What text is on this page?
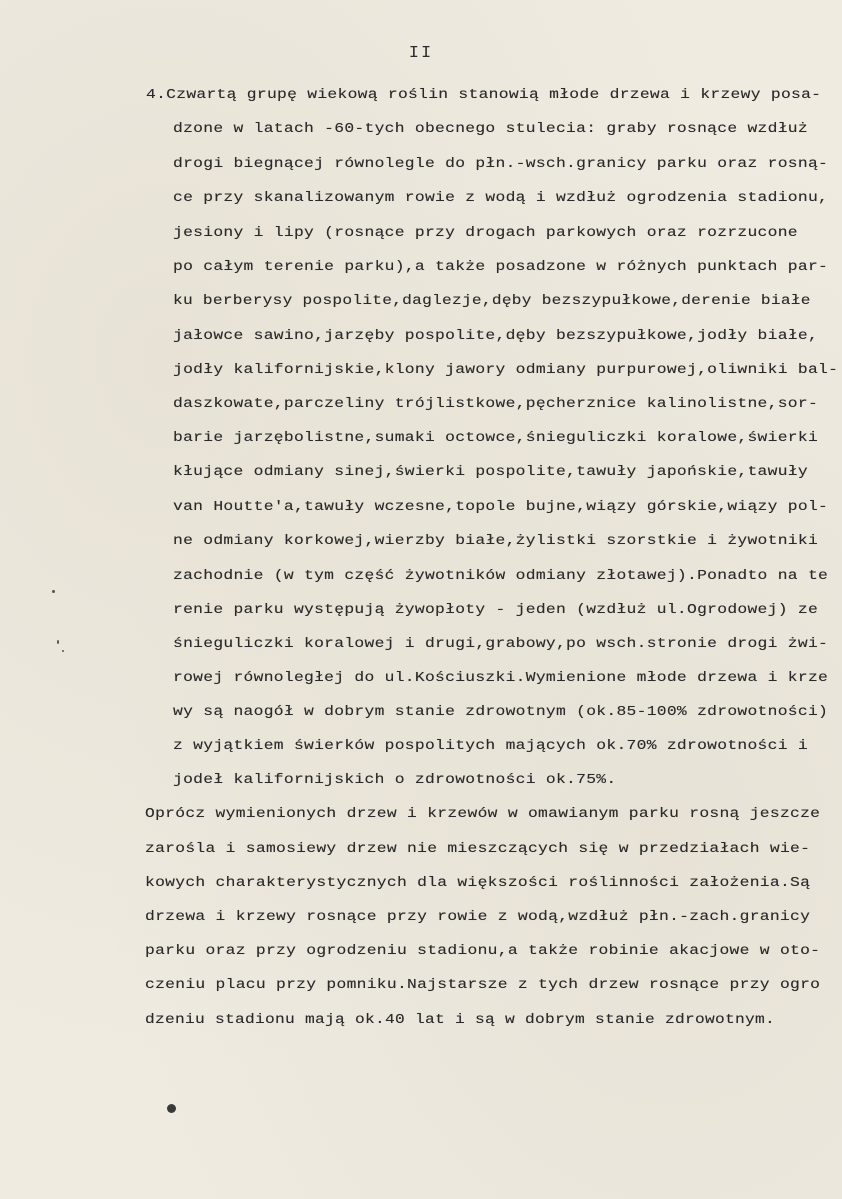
II
4.Czwartą grupę wiekową roślin stanowią młode drzewa i krzewy posa-
dzone w latach -60-tych obecnego stulecia: graby rosnące wzdłuż
drogi biegnącej równolegle do płn.-wsch.granicy parku oraz rosną-
ce przy skanalizowanym rowie z wodą i wzdłuż ogrodzenia stadionu,
jesiony i lipy (rosnące przy drogach parkowych oraz rozrzucone
po całym terenie parku),a także posadzone w różnych punktach par-
ku berberysy pospolite,daglezje,dęby bezszypułkowe,derenie białe
jałowce sawino,jarzęby pospolite,dęby bezszypułkowe,jodły białe,
jodły kalifornijskie,klony jawory odmiany purpurowej,oliwniki bal-
daszkowate,parczeliny trójlistkowe,pęcherznice kalinolistne,sor-
barie jarzębolistne,sumaki octowce,śnieguliczki koralowe,świerki
kłujące odmiany sinej,świerki pospolite,tawuły japońskie,tawuły
van Houtte'a,tawuły wczesne,topole bujne,wiązy górskie,wiązy pol-
ne odmiany korkowej,wierzby białe,żylistki szorstkie i żywotniki
zachodnie (w tym część żywotników odmiany złotawej).Ponadto na te
renie parku występują żywopłoty - jeden (wzdłuż ul.Ogrodowej) ze
śnieguliczki koralowej i drugi,grabowy,po wsch.stronie drogi żwi-
rowej równoległej do ul.Kościuszki.Wymienione młode drzewa i krze
wy są naogół w dobrym stanie zdrowotnym (ok.85-100% zdrowotności)
z wyjątkiem świerków pospolitych mających ok.70% zdrowotności i
jodeł kalifornijskich o zdrowotności ok.75%.
Oprócz wymienionych drzew i krzewów w omawianym parku rosną jeszcze
zarośla i samosiewy drzew nie mieszczących się w przedziałach wie-
kowych charakterystycznych dla większości roślinności założenia.Są
drzewa i krzewy rosnące przy rowie z wodą,wzdłuż płn.-zach.granicy
parku oraz przy ogrodzeniu stadionu,a także robinie akacjowe w oto-
czeniu placu przy pomniku.Najstarsze z tych drzew rosnące przy ogro
dzeniu stadionu mają ok.40 lat i są w dobrym stanie zdrowotnym.
